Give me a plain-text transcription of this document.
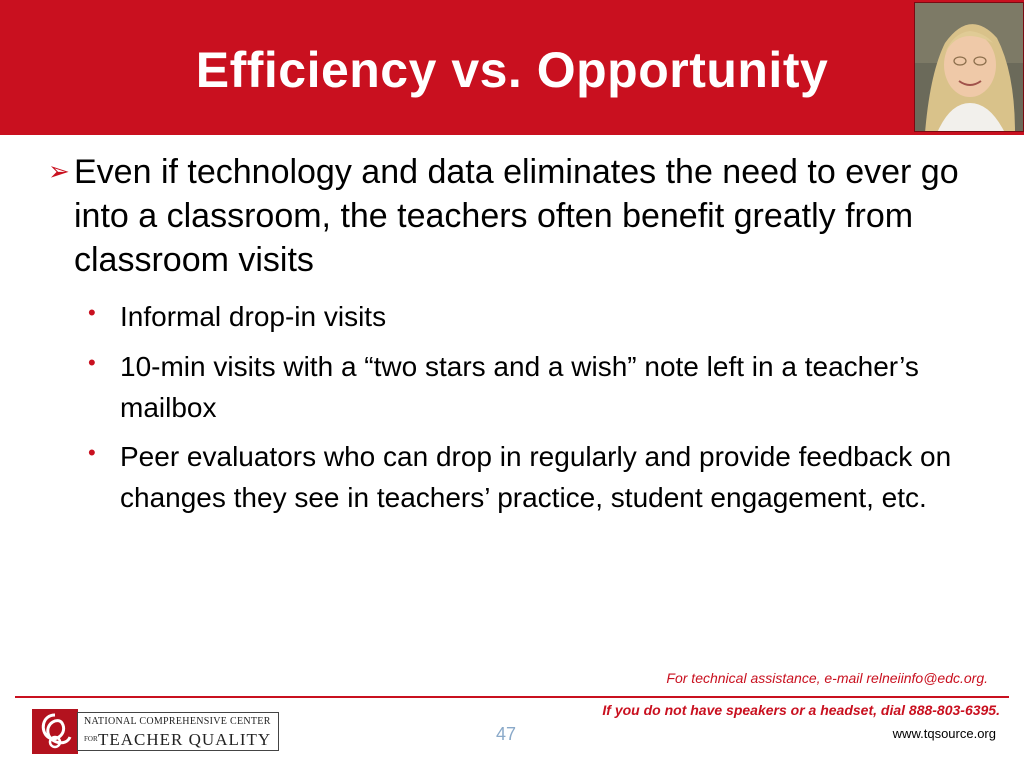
Efficiency vs. Opportunity
➢ Even if technology and data eliminates the need to ever go into a classroom, the teachers often benefit greatly from classroom visits
• Informal drop-in visits
• 10-min visits with a “two stars and a wish” note left in a teacher’s mailbox
• Peer evaluators who can drop in regularly and provide feedback on changes they see in teachers’ practice, student engagement, etc.
For technical assistance, e-mail relneiinfo@edc.org.
If you do not have speakers or a headset, dial 888-803-6395.
47	www.tqsource.org
NATIONAL COMPREHENSIVE CENTER
FOR TEACHER QUALITY
